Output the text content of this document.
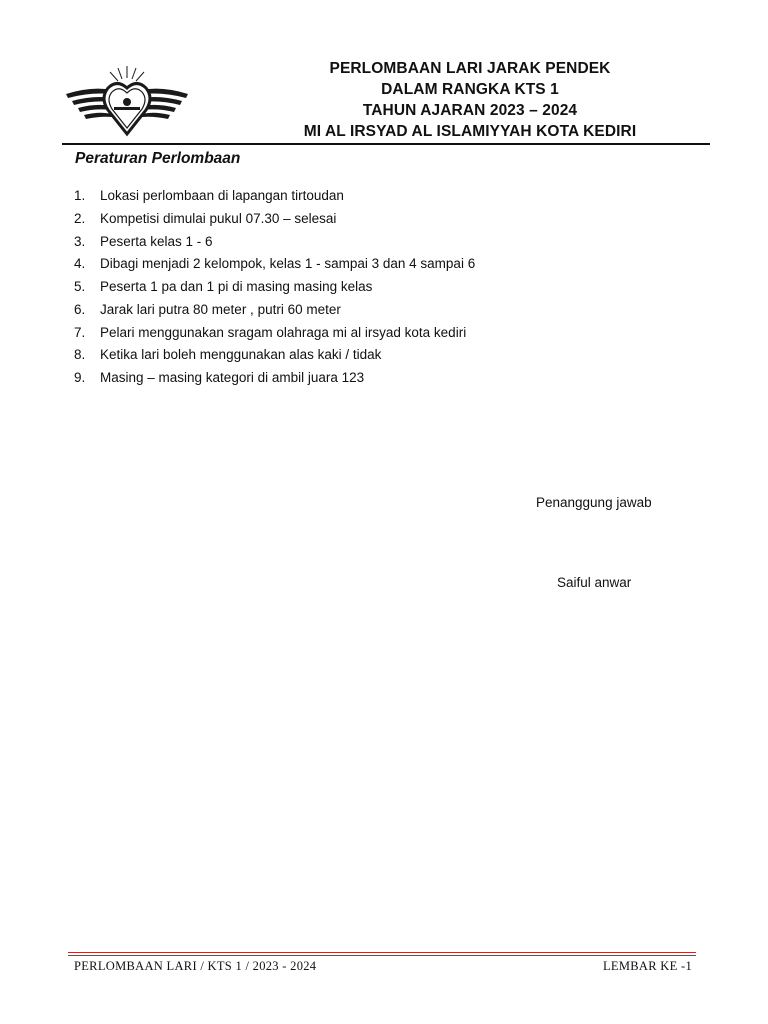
PERLOMBAAN LARI JARAK PENDEK
DALAM RANGKA KTS 1
TAHUN AJARAN 2023 – 2024
MI AL IRSYAD AL ISLAMIYYAH KOTA KEDIRI
Peraturan Perlombaan
1.	Lokasi perlombaan di lapangan tirtoudan
2.	Kompetisi dimulai pukul 07.30 – selesai
3.	Peserta kelas 1 - 6
4.	Dibagi menjadi 2 kelompok, kelas 1 - sampai 3 dan 4 sampai 6
5.	Peserta 1 pa dan 1 pi di masing masing kelas
6.	Jarak lari putra 80 meter , putri 60 meter
7.	Pelari menggunakan sragam olahraga mi al irsyad kota kediri
8.	Ketika lari boleh menggunakan alas kaki / tidak
9.	Masing – masing kategori di ambil juara 123
Penanggung jawab
Saiful anwar
PERLOMBAAN LARI / KTS 1 / 2023 - 2024	LEMBAR KE -1
